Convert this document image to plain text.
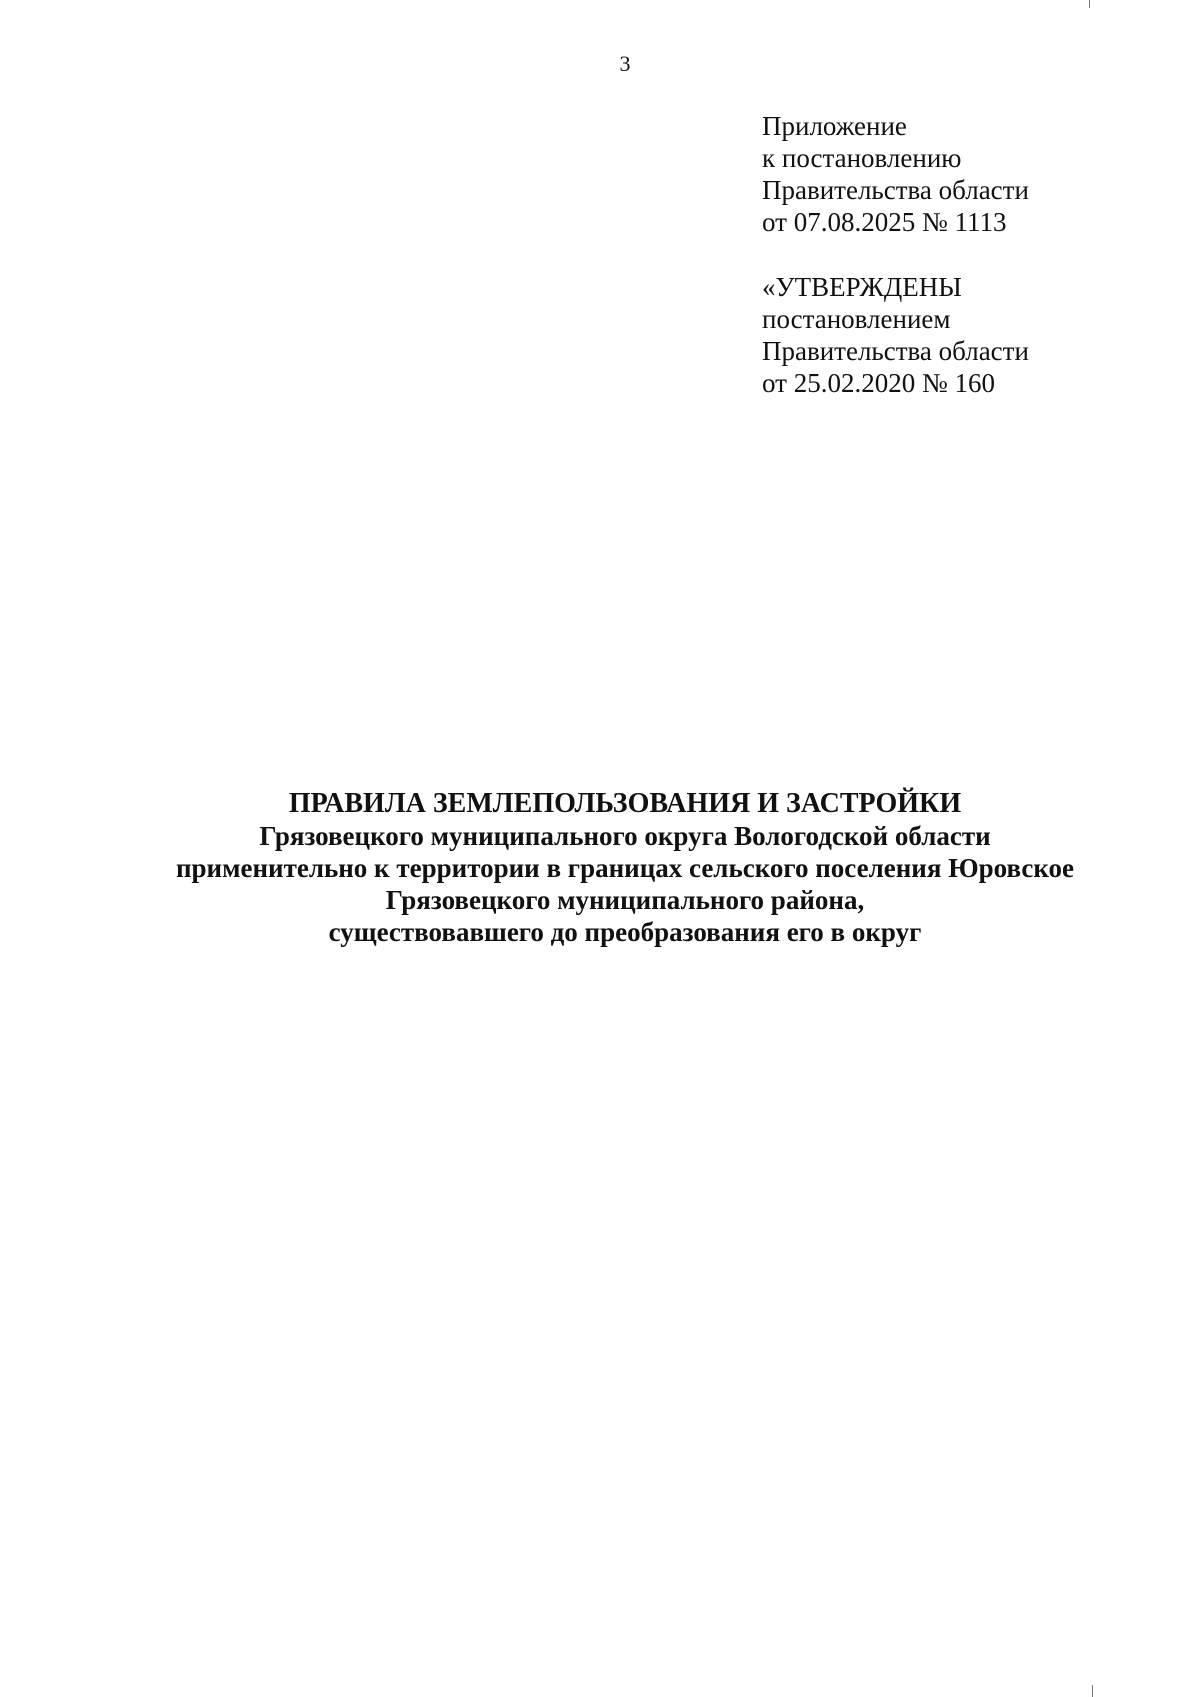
3
Приложение
к постановлению
Правительства области
от 07.08.2025 № 1113
«УТВЕРЖДЕНЫ
постановлением
Правительства области
от 25.02.2020 № 160
ПРАВИЛА ЗЕМЛЕПОЛЬЗОВАНИЯ И ЗАСТРОЙКИ
Грязовецкого муниципального округа Вологодской области
применительно к территории в границах сельского поселения Юровское
Грязовецкого муниципального района,
существовавшего до преобразования его в округ
